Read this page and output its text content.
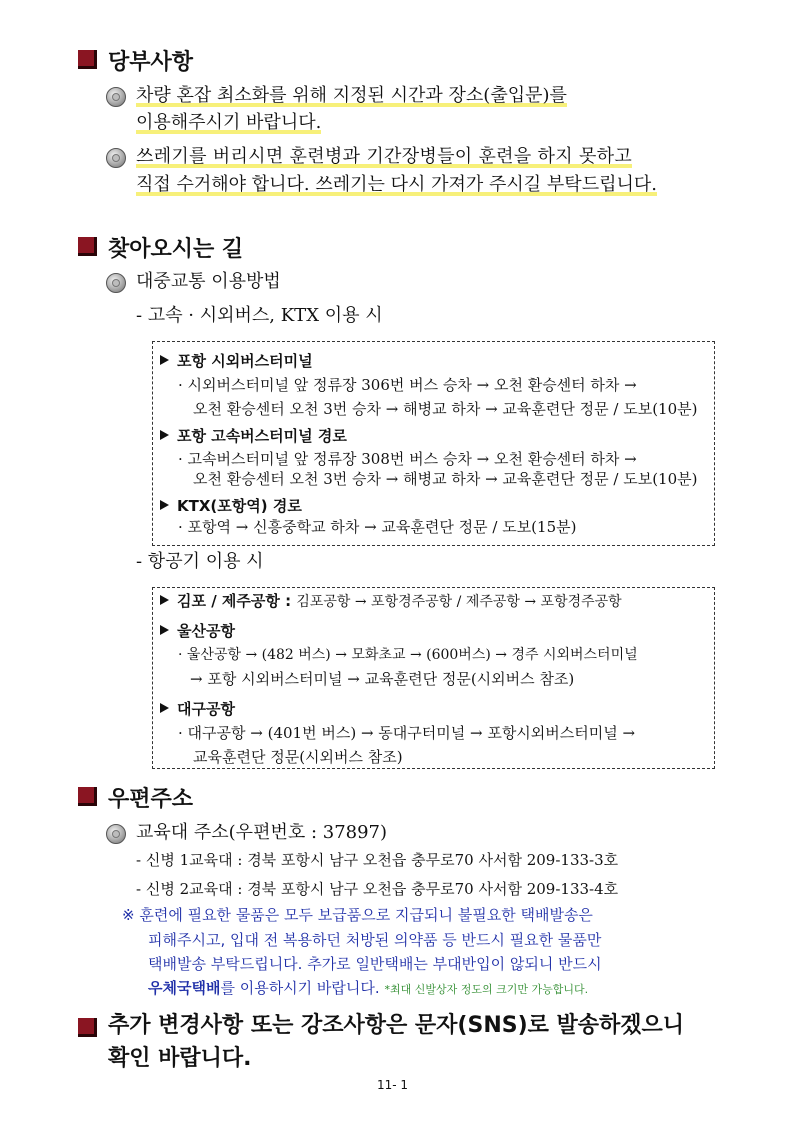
당부사항
차량 혼잡 최소화를 위해 지정된 시간과 장소(출입문)를
이용해주시기 바랍니다.
쓰레기를 버리시면 훈련병과 기간장병들이 훈련을 하지 못하고
직접 수거해야 합니다. 쓰레기는 다시 가져가 주시길 부탁드립니다.
찾아오시는 길
대중교통 이용방법
- 고속 · 시외버스, KTX 이용 시
포항 시외버스터미널
· 시외버스터미널 앞 정류장 306번 버스 승차 → 오천 환승센터 하차 →
오천 환승센터 오천 3번 승차 → 해병교 하차 → 교육훈련단 정문 / 도보(10분)
포항 고속버스터미널 경로
· 고속버스터미널 앞 정류장 308번 버스 승차 → 오천 환승센터 하차 →
오천 환승센터 오천 3번 승차 → 해병교 하차 → 교육훈련단 정문 / 도보(10분)
KTX(포항역) 경로
· 포항역 → 신흥중학교 하차 → 교육훈련단 정문 / 도보(15분)
- 항공기 이용 시
김포 / 제주공항 : 김포공항 → 포항경주공항 / 제주공항 → 포항경주공항
울산공항
· 울산공항 → (482 버스) → 모화초교 → (600버스) → 경주 시외버스터미널
→ 포항 시외버스터미널 → 교육훈련단 정문(시외버스 참조)
대구공항
· 대구공항 → (401번 버스) → 동대구터미널 → 포항시외버스터미널 →
교육훈련단 정문(시외버스 참조)
우편주소
교육대 주소(우편번호 : 37897)
- 신병 1교육대 : 경북 포항시 남구 오천읍 충무로70 사서함 209-133-3호
- 신병 2교육대 : 경북 포항시 남구 오천읍 충무로70 사서함 209-133-4호
※ 훈련에 필요한 물품은 모두 보급품으로 지급되니 불필요한 택배발송은
피해주시고, 입대 전 복용하던 처방된 의약품 등 반드시 필요한 물품만
택배발송 부탁드립니다. 추가로 일반택배는 부대반입이 않되니 반드시
우체국택배를 이용하시기 바랍니다. *최대 신발상자 정도의 크기만 가능합니다.
추가 변경사항 또는 강조사항은 문자(SNS)로 발송하겠으니
확인 바랍니다.
11- 1
